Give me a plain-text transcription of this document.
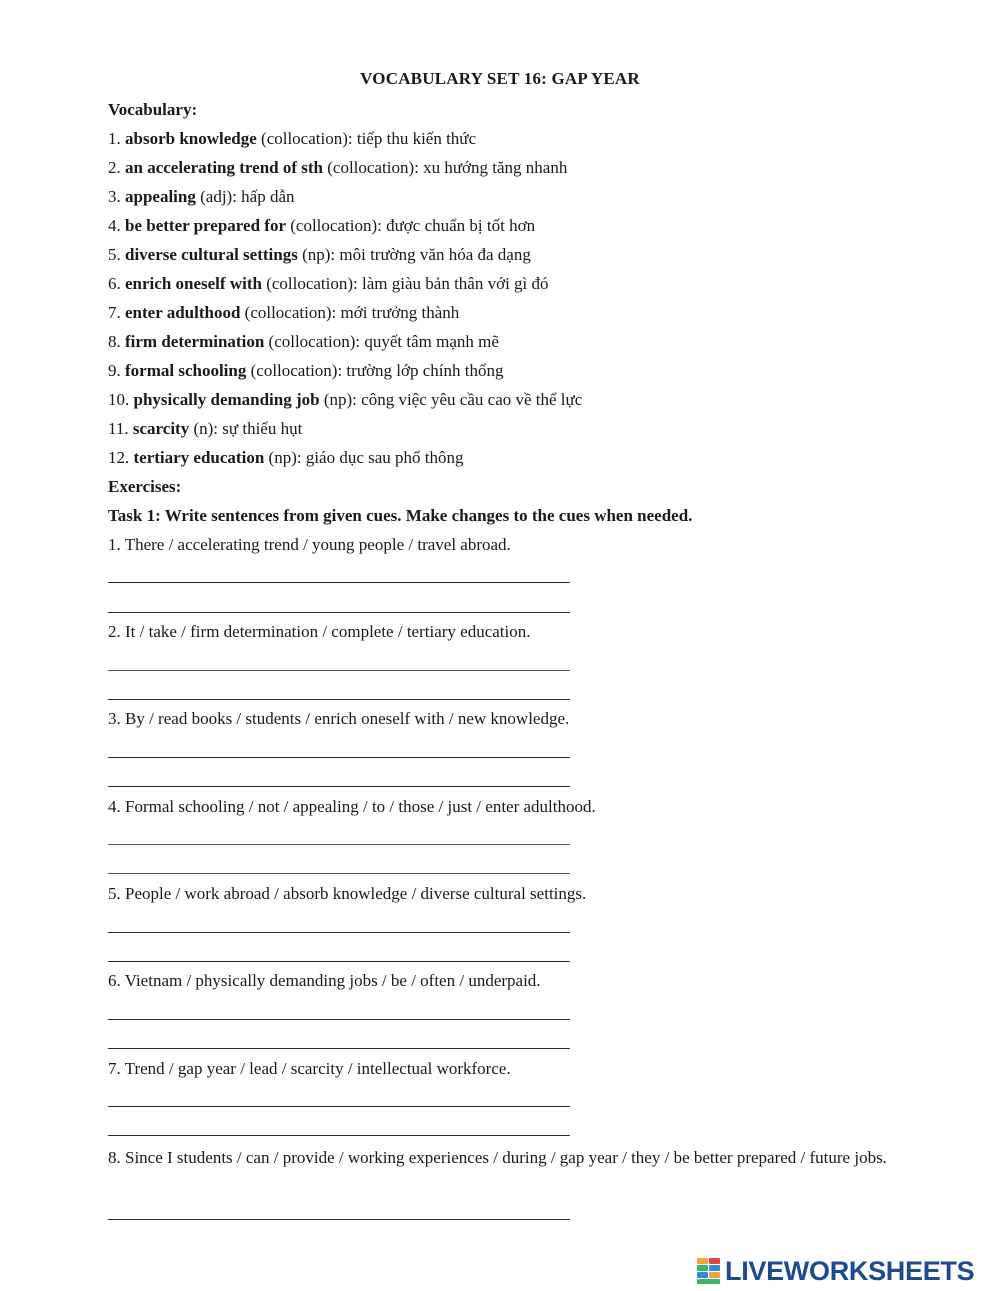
VOCABULARY SET 16: GAP YEAR
Vocabulary:
1. absorb knowledge (collocation): tiếp thu kiến thức
2. an accelerating trend of sth (collocation): xu hướng tăng nhanh
3. appealing (adj): hấp dẫn
4. be better prepared for (collocation): được chuẩn bị tốt hơn
5. diverse cultural settings (np): môi trường văn hóa đa dạng
6. enrich oneself with (collocation): làm giàu bản thân với gì đó
7. enter adulthood (collocation): mới trưởng thành
8. firm determination (collocation): quyết tâm mạnh mẽ
9. formal schooling (collocation): trường lớp chính thống
10. physically demanding job (np): công việc yêu cầu cao về thể lực
11. scarcity (n): sự thiếu hụt
12. tertiary education (np): giáo dục sau phổ thông
Exercises:
Task 1: Write sentences from given cues. Make changes to the cues when needed.
1. There / accelerating trend / young people / travel abroad.
2. It / take / firm determination / complete / tertiary education.
3. By / read books / students / enrich oneself with / new knowledge.
4. Formal schooling / not / appealing / to / those / just / enter adulthood.
5. People / work abroad / absorb knowledge / diverse cultural settings.
6. Vietnam / physically demanding jobs / be / often / underpaid.
7. Trend / gap year / lead / scarcity / intellectual workforce.
8. Since I students / can / provide / working experiences / during / gap year / they / be better prepared / future jobs.
LIVEWORKSHEETS
